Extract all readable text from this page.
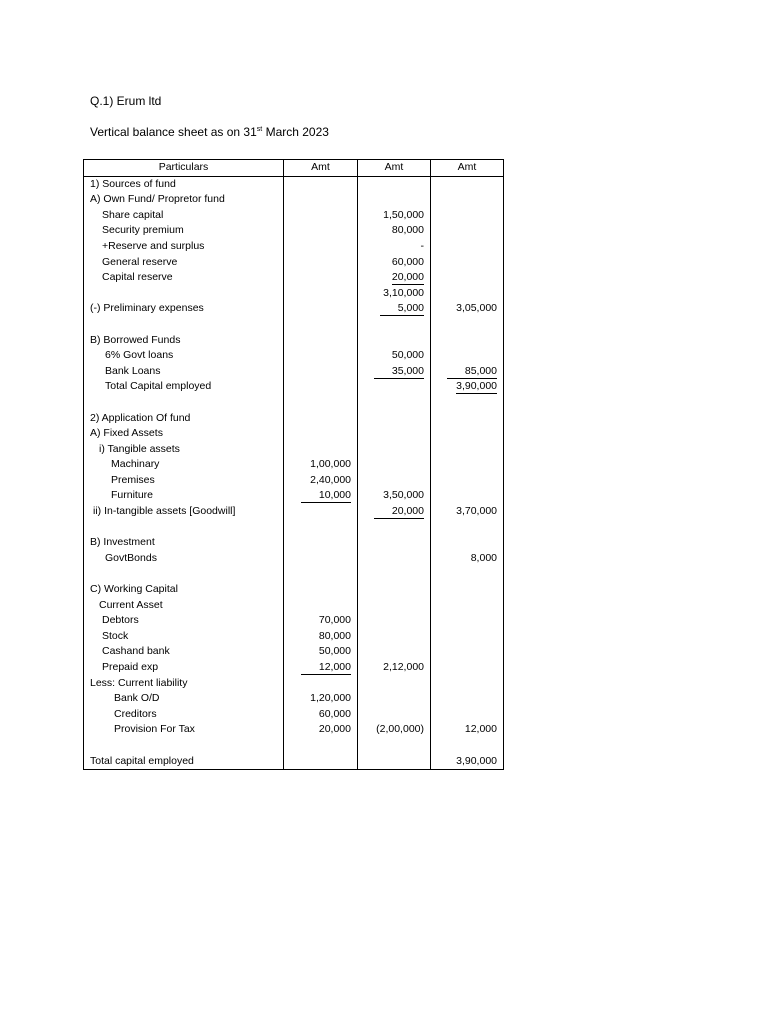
Q.1) Erum ltd
Vertical balance sheet as on 31st March 2023
Particulars	Amt	Amt	Amt
1) Sources of fund			
A) Own Fund/ Propretor fund			
Share capital		1,50,000	
Security premium		80,000	
+Reserve and surplus		-	
General reserve		60,000	
Capital reserve		20,000	
		3,10,000	
(-) Preliminary expenses		5,000	3,05,000

B) Borrowed Funds			
6% Govt loans		50,000	
Bank Loans		35,000	85,000
Total Capital employed			3,90,000

2) Application Of fund			
A) Fixed Assets			
i) Tangible assets			
Machinary	1,00,000		
Premises	2,40,000		
Furniture	10,000	3,50,000	
ii) In-tangible assets [Goodwill]		20,000	3,70,000

B) Investment			
GovtBonds			8,000

C) Working Capital			
Current Asset			
Debtors	70,000		
Stock	80,000		
Cashand bank	50,000		
Prepaid exp	12,000	2,12,000	
Less: Current liability			
Bank O/D	1,20,000		
Creditors	60,000		
Provision For Tax	20,000	(2,00,000)	12,000

Total capital employed			3,90,000
